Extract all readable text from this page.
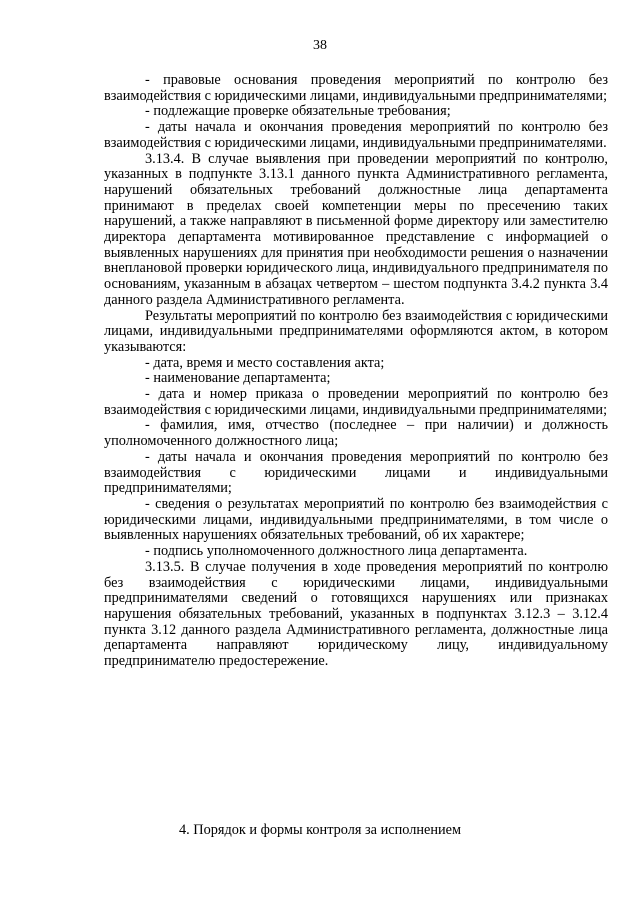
38

- правовые основания проведения мероприятий по контролю без взаимодействия с юридическими лицами, индивидуальными предпринимателями;

- подлежащие проверке обязательные требования;

- даты начала и окончания проведения мероприятий по контролю без взаимодействия с юридическими лицами, индивидуальными предпринимателями.

3.13.4. В случае выявления при проведении мероприятий по контролю, указанных в подпункте 3.13.1 данного пункта Административного регламента, нарушений обязательных требований должностные лица департамента принимают в пределах своей компетенции меры по пресечению таких нарушений, а также направляют в письменной форме директору или заместителю директора департамента мотивированное представление с информацией о выявленных нарушениях для принятия при необходимости решения о назначении внеплановой проверки юридического лица, индивидуального предпринимателя по основаниям, указанным в абзацах четвертом – шестом подпункта 3.4.2 пункта 3.4 данного раздела Административного регламента.

Результаты мероприятий по контролю без взаимодействия с юридическими лицами, индивидуальными предпринимателями оформляются актом, в котором указываются:

- дата, время и место составления акта;

- наименование департамента;

- дата и номер приказа о проведении мероприятий по контролю без взаимодействия с юридическими лицами, индивидуальными предпринимателями;

- фамилия, имя, отчество (последнее – при наличии) и должность уполномоченного должностного лица;

- даты начала и окончания проведения мероприятий по контролю без взаимодействия с юридическими лицами и индивидуальными предпринимателями;

- сведения о результатах мероприятий по контролю без взаимодействия с юридическими лицами, индивидуальными предпринимателями, в том числе о выявленных нарушениях обязательных требований, об их характере;

- подпись уполномоченного должностного лица департамента.

3.13.5. В случае получения в ходе проведения мероприятий по контролю без взаимодействия с юридическими лицами, индивидуальными предпринимателями сведений о готовящихся нарушениях или признаках нарушения обязательных требований, указанных в подпунктах 3.12.3 – 3.12.4 пункта 3.12 данного раздела Административного регламента, должностные лица департамента направляют юридическому лицу, индивидуальному предпринимателю предостережение.

4. Порядок и формы контроля за исполнением
